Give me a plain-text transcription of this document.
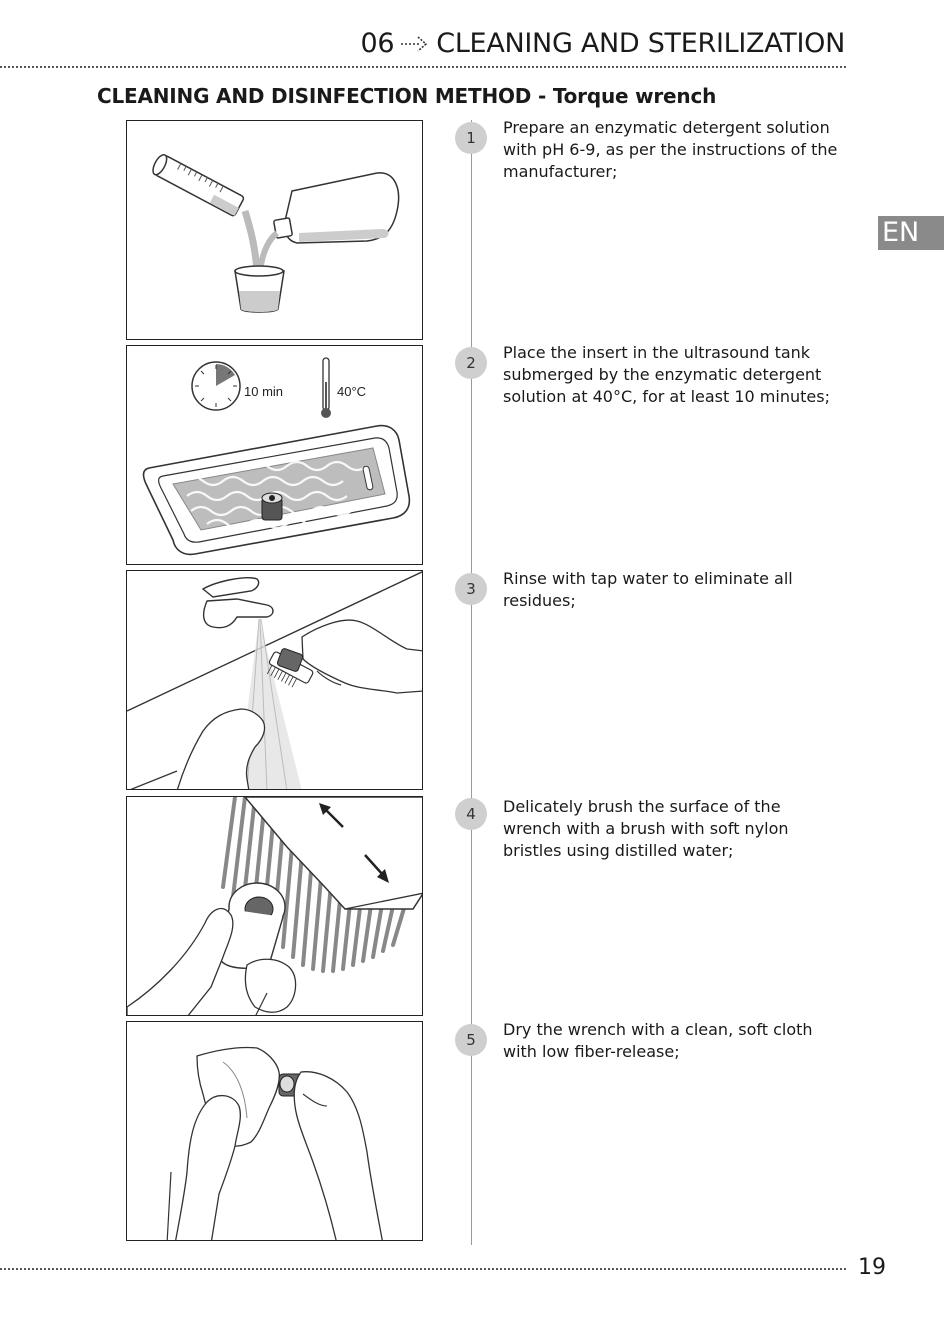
06 CLEANING AND STERILIZATION
CLEANING AND DISINFECTION METHOD - Torque wrench
EN
10 min	40°C
1
2
3
4
5
Prepare an enzymatic detergent solution with pH 6-9, as per the instructions of the manufacturer;
Place the insert in the ultrasound tank submerged by the enzymatic detergent solution at 40°C, for at least 10 minutes;
Rinse with tap water to eliminate all residues;
Delicately brush the surface of the wrench with a brush with soft nylon bristles using distilled water;
Dry the wrench with a clean, soft cloth with low fiber-release;
19
